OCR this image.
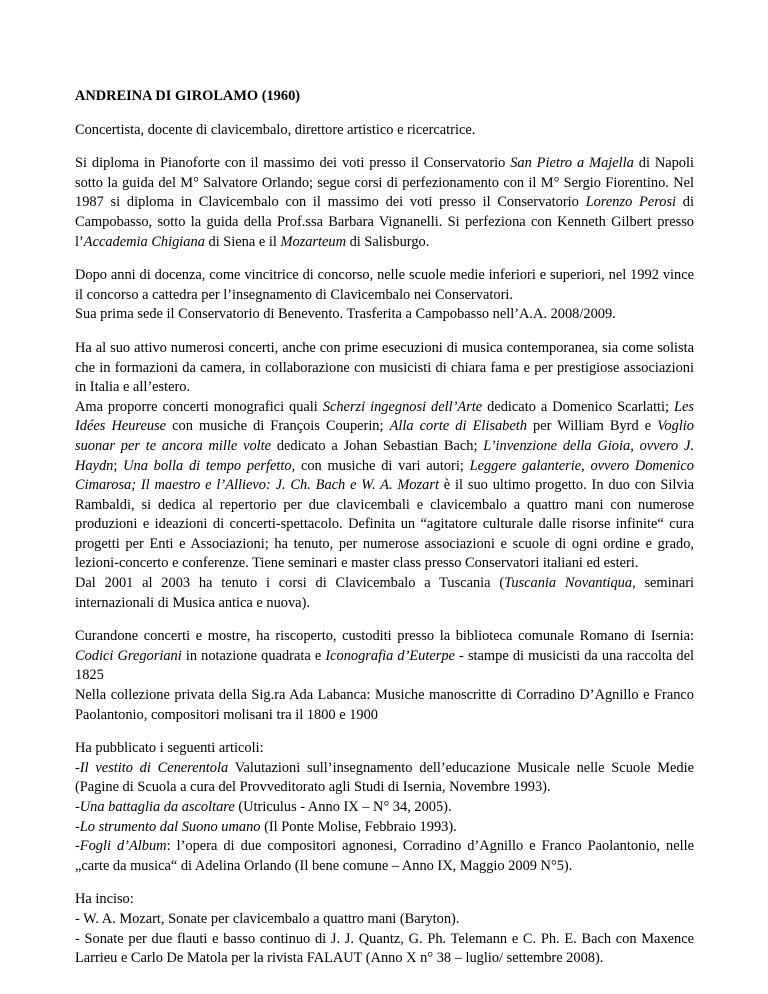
ANDREINA DI GIROLAMO (1960)

Concertista, docente di clavicembalo, direttore artistico e ricercatrice.

Si diploma in Pianoforte con il massimo dei voti presso il Conservatorio San Pietro a Majella di Napoli sotto la guida del M° Salvatore Orlando; segue corsi di perfezionamento con il M° Sergio Fiorentino. Nel 1987 si diploma in Clavicembalo con il massimo dei voti presso il Conservatorio Lorenzo Perosi di Campobasso, sotto la guida della Prof.ssa Barbara Vignanelli. Si perfeziona con Kenneth Gilbert presso l’Accademia Chigiana di Siena e il Mozarteum di Salisburgo.

Dopo anni di docenza, come vincitrice di concorso, nelle scuole medie inferiori e superiori, nel 1992 vince il concorso a cattedra per l’insegnamento di Clavicembalo nei Conservatori.
Sua prima sede il Conservatorio di Benevento. Trasferita a Campobasso nell’A.A. 2008/2009.

Ha al suo attivo numerosi concerti, anche con prime esecuzioni di musica contemporanea, sia come solista che in formazioni da camera, in collaborazione con musicisti di chiara fama e per prestigiose associazioni in Italia e all’estero.
Ama proporre concerti monografici quali Scherzi ingegnosi dell’Arte dedicato a Domenico Scarlatti; Les Idées Heureuse con musiche di François Couperin; Alla corte di Elisabeth per William Byrd e Voglio suonar per te ancora mille volte dedicato a Johan Sebastian Bach; L’invenzione della Gioia, ovvero J. Haydn; Una bolla di tempo perfetto, con musiche di vari autori; Leggere galanterie, ovvero Domenico Cimarosa; Il maestro e l’Allievo: J. Ch. Bach e W. A. Mozart è il suo ultimo progetto. In duo con Silvia Rambaldi, si dedica al repertorio per due clavicembali e clavicembalo a quattro mani con numerose produzioni e ideazioni di concerti-spettacolo. Definita un “agitatore culturale dalle risorse infinite“ cura progetti per Enti e Associazioni; ha tenuto, per numerose associazioni e scuole di ogni ordine e grado, lezioni-concerto e conferenze. Tiene seminari e master class presso Conservatori italiani ed esteri.
Dal 2001 al 2003 ha tenuto i corsi di Clavicembalo a Tuscania (Tuscania Novantiqua, seminari internazionali di Musica antica e nuova).

Curandone concerti e mostre, ha riscoperto, custoditi presso la biblioteca comunale Romano di Isernia: Codici Gregoriani in notazione quadrata e Iconografia d’Euterpe - stampe di musicisti da una raccolta del 1825
Nella collezione privata della Sig.ra Ada Labanca: Musiche manoscritte di Corradino D’Agnillo e Franco Paolantonio, compositori molisani tra il 1800 e 1900

Ha pubblicato i seguenti articoli:
-Il vestito di Cenerentola Valutazioni sull’insegnamento dell’educazione Musicale nelle Scuole Medie (Pagine di Scuola a cura del Provveditorato agli Studi di Isernia, Novembre 1993).
-Una battaglia da ascoltare (Utriculus - Anno IX – N° 34, 2005).
-Lo strumento dal Suono umano (Il Ponte Molise, Febbraio 1993).
-Fogli d’Album: l’opera di due compositori agnonesi, Corradino d’Agnillo e Franco Paolantonio, nelle „carte da musica“ di Adelina Orlando (Il bene comune – Anno IX, Maggio 2009 N°5).

Ha inciso:
- W. A. Mozart, Sonate per clavicembalo a quattro mani (Baryton).
- Sonate per due flauti e basso continuo di J. J. Quantz, G. Ph. Telemann e C. Ph. E. Bach con Maxence Larrieu e Carlo De Matola per la rivista FALAUT (Anno X n° 38 – luglio/ settembre 2008).
